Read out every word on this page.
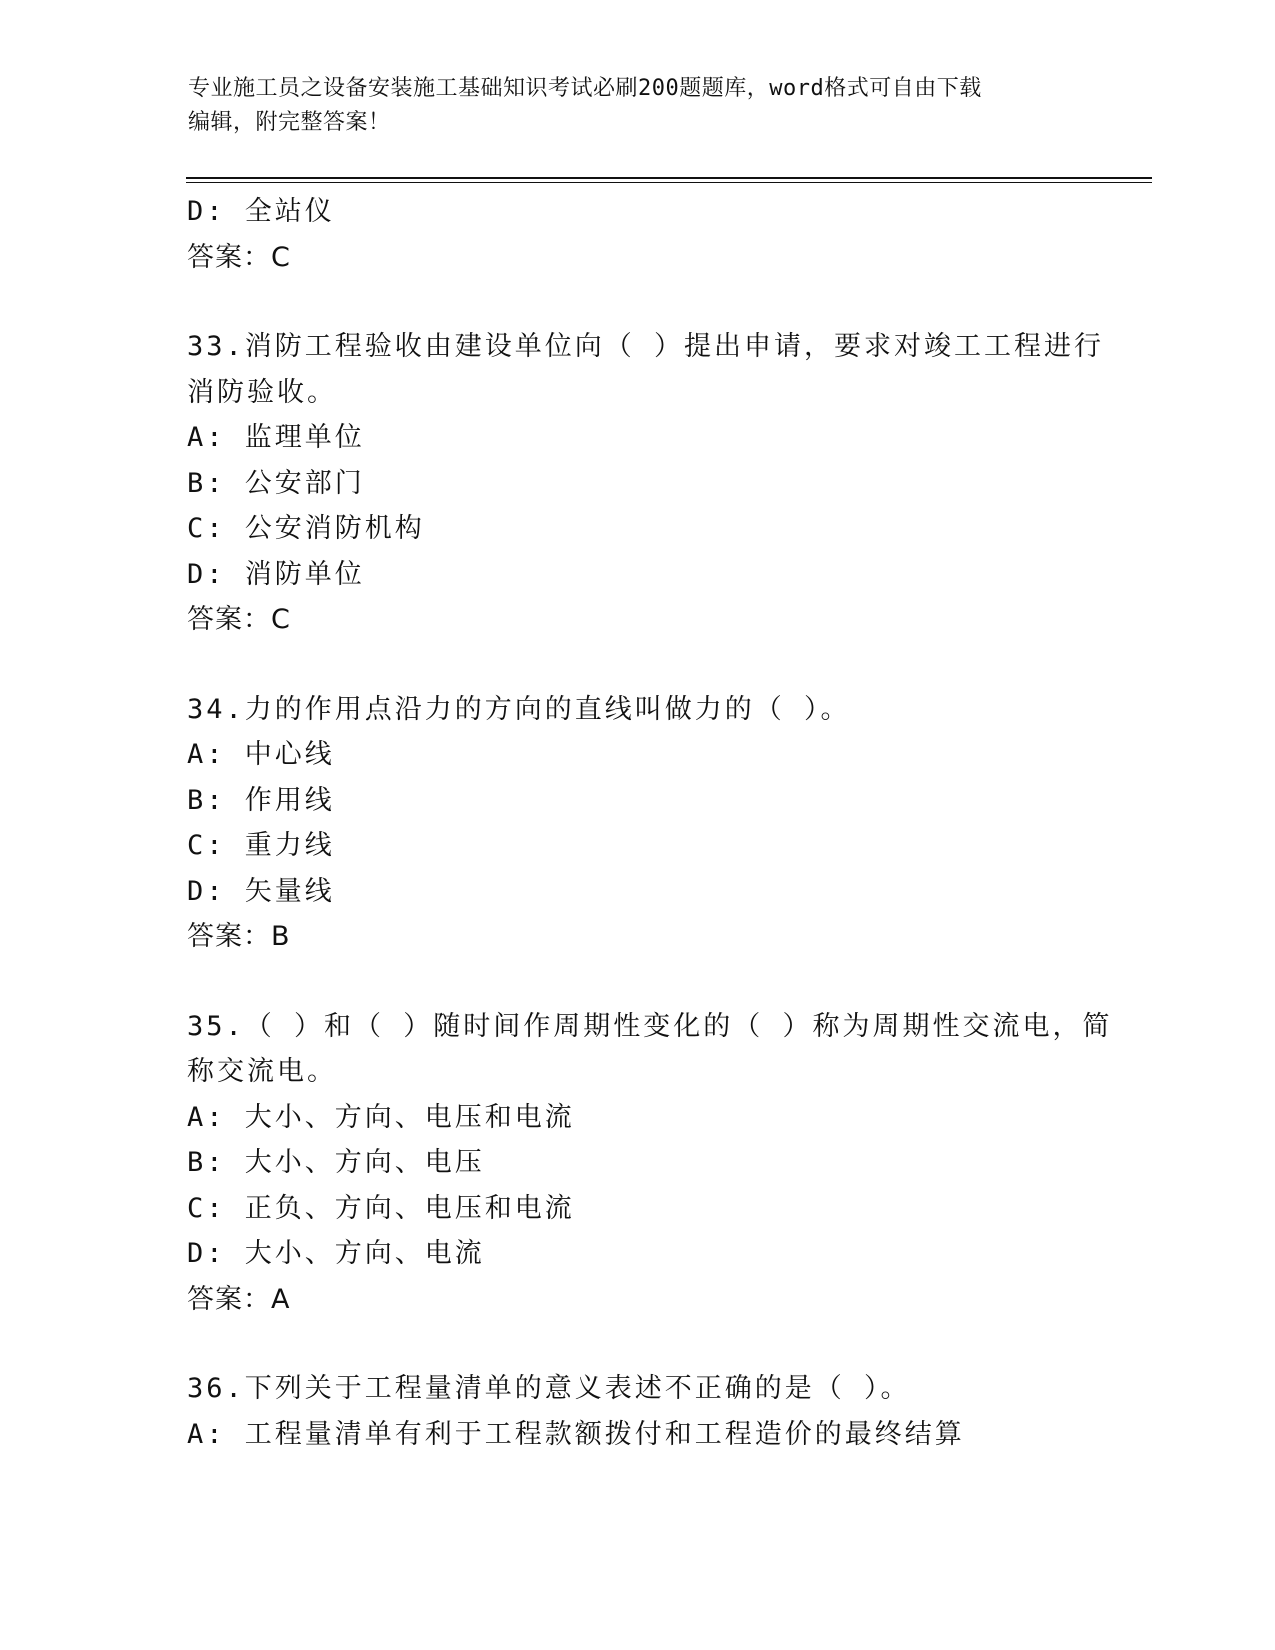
专业施工员之设备安装施工基础知识考试必刷200题题库，word格式可自由下载
编辑，附完整答案！
D: 全站仪
答案：C
33.消防工程验收由建设单位向（ ）提出申请，要求对竣工工程进行
消防验收。
A: 监理单位
B: 公安部门
C: 公安消防机构
D: 消防单位
答案：C
34.力的作用点沿力的方向的直线叫做力的（ ）。
A: 中心线
B: 作用线
C: 重力线
D: 矢量线
答案：B
35.（ ）和（ ）随时间作周期性变化的（ ）称为周期性交流电，简
称交流电。
A: 大小、方向、电压和电流
B: 大小、方向、电压
C: 正负、方向、电压和电流
D: 大小、方向、电流
答案：A
36.下列关于工程量清单的意义表述不正确的是（ ）。
A: 工程量清单有利于工程款额拨付和工程造价的最终结算
